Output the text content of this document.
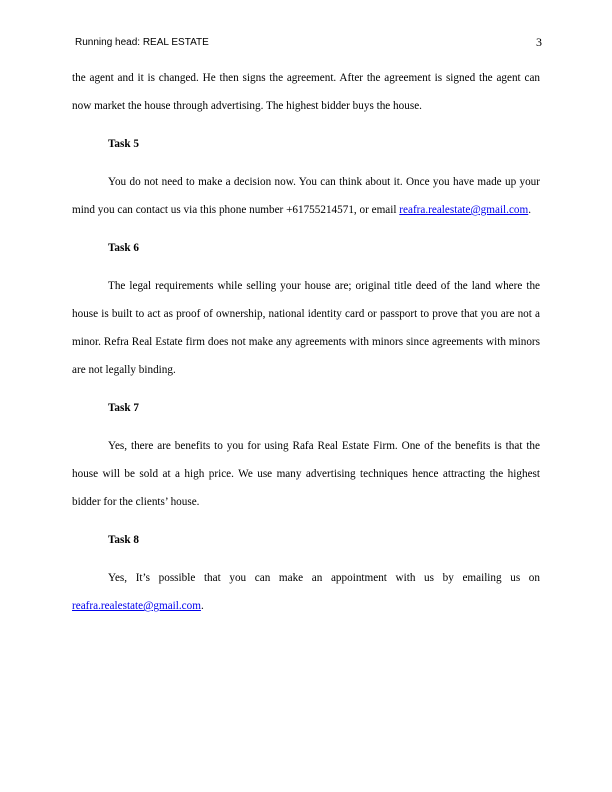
Running head: REAL ESTATE	3

the agent and it is changed. He then signs the agreement. After the agreement is signed the agent can now market the house through advertising. The highest bidder buys the house.

Task 5

You do not need to make a decision now. You can think about it. Once you have made up your mind you can contact us via this phone number +61755214571, or email reafra.realestate@gmail.com.

Task 6

The legal requirements while selling your house are; original title deed of the land where the house is built to act as proof of ownership, national identity card or passport to prove that you are not a minor. Refra Real Estate firm does not make any agreements with minors since agreements with minors are not legally binding.

Task 7

Yes, there are benefits to you for using Rafa Real Estate Firm. One of the benefits is that the house will be sold at a high price. We use many advertising techniques hence attracting the highest bidder for the clients’ house.

Task 8

Yes, It’s possible that you can make an appointment with us by emailing us on reafra.realestate@gmail.com.
